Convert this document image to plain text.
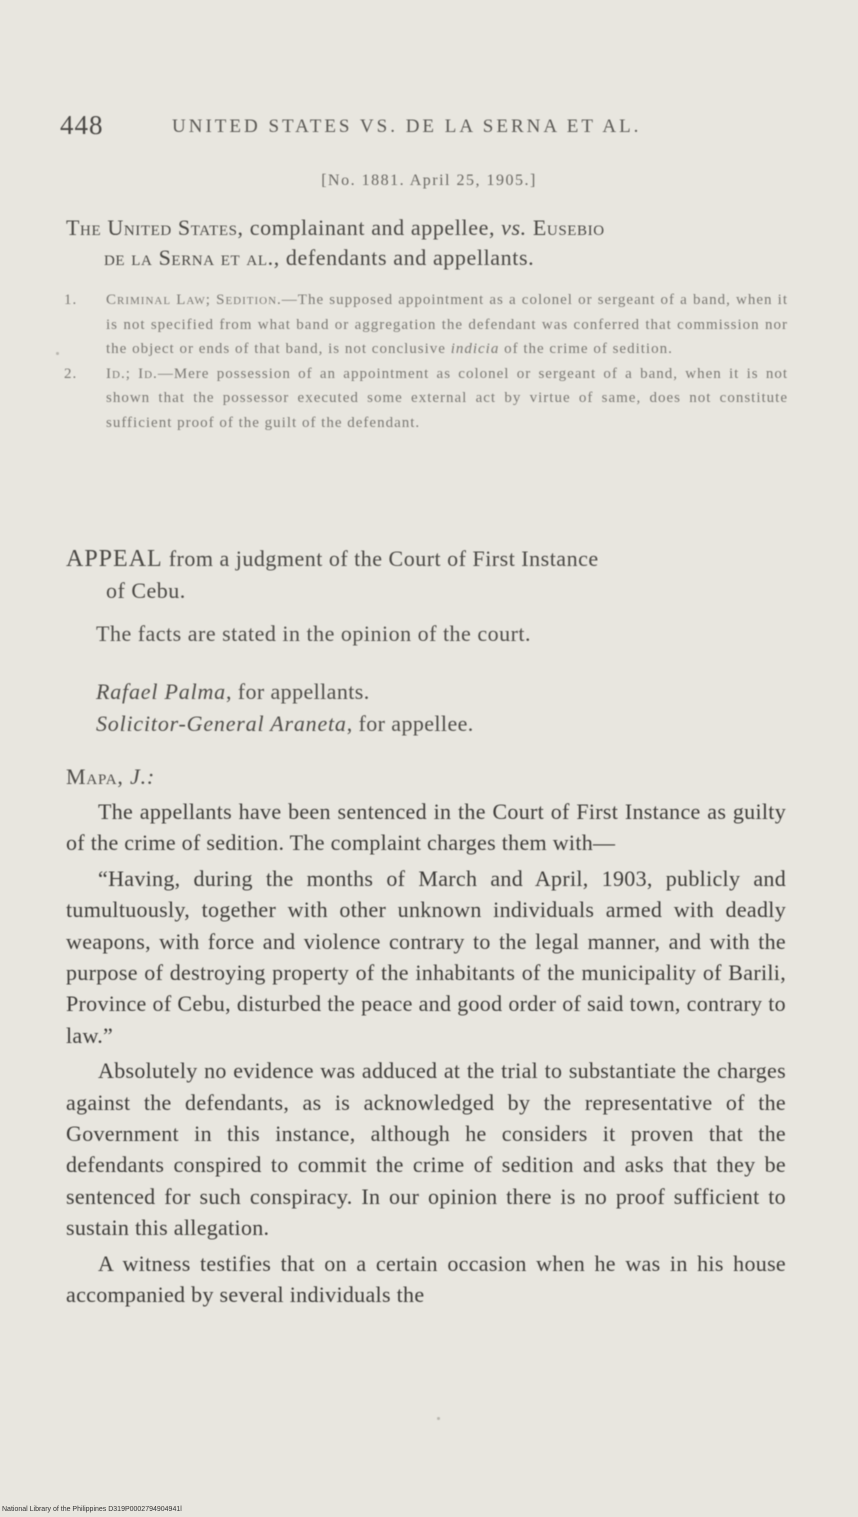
448	UNITED STATES VS. DE LA SERNA ET AL.
[No. 1881. April 25, 1905.]
The United States, complainant and appellee, vs. Eusebio
de la Serna et al., defendants and appellants.
1. Criminal Law; Sedition.—The supposed appointment as a colonel or sergeant of a band, when it is not specified from what band or aggregation the defendant was conferred that commission nor the object or ends of that band, is not conclusive indicia of the crime of sedition.
2. Id.; Id.—Mere possession of an appointment as colonel or sergeant of a band, when it is not shown that the possessor executed some external act by virtue of same, does not constitute sufficient proof of the guilt of the defendant.
APPEAL from a judgment of the Court of First Instance
of Cebu.
The facts are stated in the opinion of the court.
Rafael Palma, for appellants.
Solicitor-General Araneta, for appellee.
Mapa, J.:

The appellants have been sentenced in the Court of First Instance as guilty of the crime of sedition. The complaint charges them with—

“Having, during the months of March and April, 1903, publicly and tumultuously, together with other unknown individuals armed with deadly weapons, with force and violence contrary to the legal manner, and with the purpose of destroying property of the inhabitants of the municipality of Barili, Province of Cebu, disturbed the peace and good order of said town, contrary to law.”

Absolutely no evidence was adduced at the trial to substantiate the charges against the defendants, as is acknowledged by the representative of the Government in this instance, although he considers it proven that the defendants conspired to commit the crime of sedition and asks that they be sentenced for such conspiracy. In our opinion there is no proof sufficient to sustain this allegation.

A witness testifies that on a certain occasion when he was in his house accompanied by several individuals the

National Library of the Philippines D319P0002794904941l
